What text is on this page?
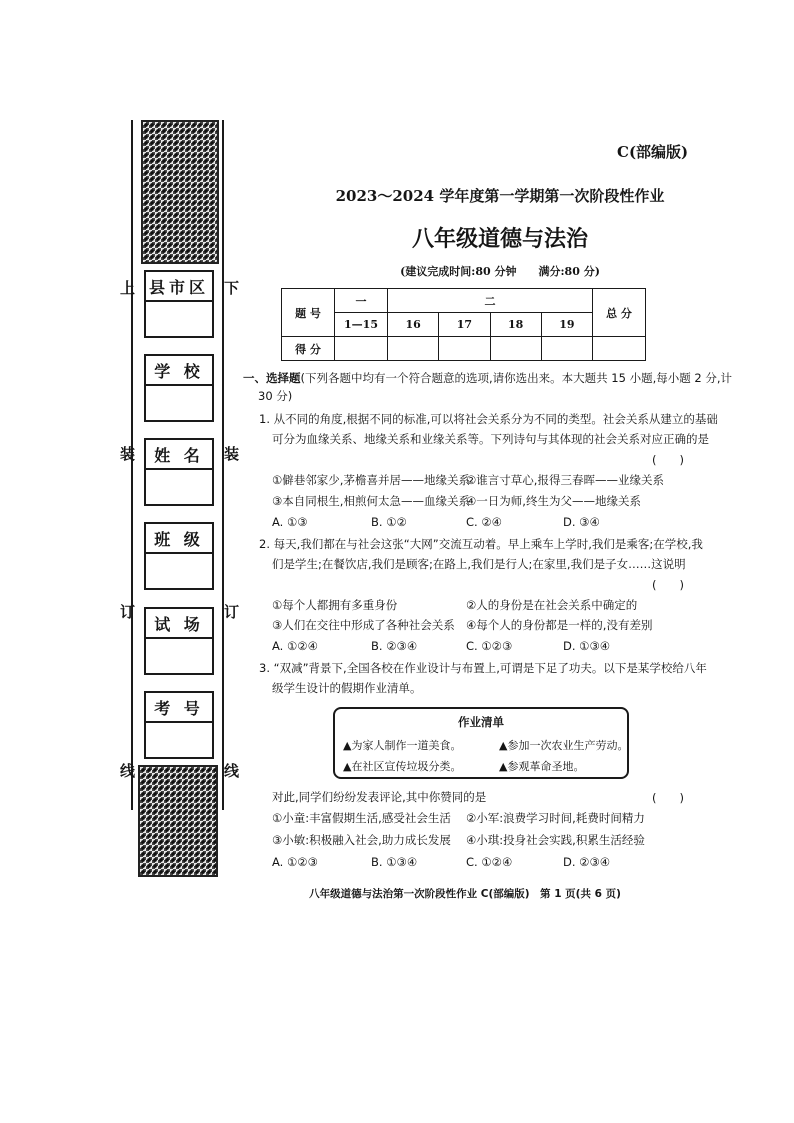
上	下
装	装
订	订
线	线
县市区
学 校
姓 名
班 级
试 场
考 号
C(部编版)
2023～2024 学年度第一学期第一次阶段性作业
八年级道德与法治
(建议完成时间:80 分钟　　满分:80 分)
题 号	一	二				总 分
	1—15	16	17	18	19	
得 分						
一、选择题(下列各题中均有一个符合题意的选项,请你选出来。本大题共 15 小题,每小题 2 分,计
30 分)
1. 从不同的角度,根据不同的标准,可以将社会关系分为不同的类型。社会关系从建立的基础
可分为血缘关系、地缘关系和业缘关系等。下列诗句与其体现的社会关系对应正确的是
(　　)
①僻巷邻家少,茅檐喜并居——地缘关系
②谁言寸草心,报得三春晖——业缘关系
③本自同根生,相煎何太急——血缘关系
④一日为师,终生为父——地缘关系
A. ①③	B. ①②	C. ②④	D. ③④
2. 每天,我们都在与社会这张“大网”交流互动着。早上乘车上学时,我们是乘客;在学校,我
们是学生;在餐饮店,我们是顾客;在路上,我们是行人;在家里,我们是子女……这说明
(　　)
①每个人都拥有多重身份	②人的身份是在社会关系中确定的
③人们在交往中形成了各种社会关系 ④每个人的身份都是一样的,没有差别
A. ①②④	B. ②③④	C. ①②③	D. ①③④
3. “双减”背景下,全国各校在作业设计与布置上,可谓是下足了功夫。以下是某学校给八年
级学生设计的假期作业清单。
作业清单
▲为家人制作一道美食。	▲参加一次农业生产劳动。
▲在社区宣传垃圾分类。	▲参观革命圣地。
对此,同学们纷纷发表评论,其中你赞同的是	(　　)
①小童:丰富假期生活,感受社会生活 ②小军:浪费学习时间,耗费时间精力
③小敏:积极融入社会,助力成长发展 ④小琪:投身社会实践,积累生活经验
A. ①②③	B. ①③④	C. ①②④	D. ②③④
八年级道德与法治第一次阶段性作业 C(部编版)　第 1 页(共 6 页)
